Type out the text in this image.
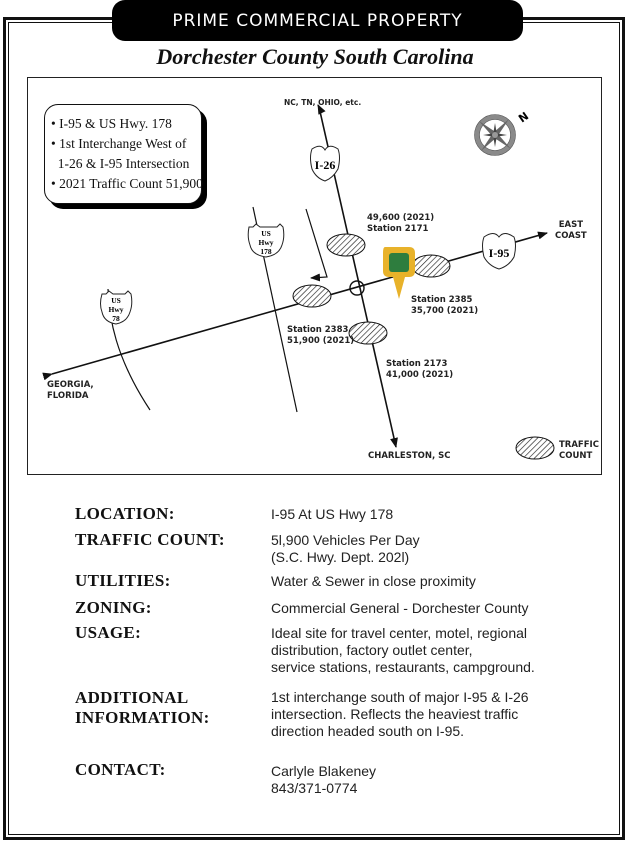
PRIME COMMERCIAL PROPERTY
Dorchester County South Carolina
I-26
I-95
US
Hwy
178
US
Hwy
78
N
• I-95 & US Hwy. 178
• 1st Interchange West of
1-26 & I-95 Intersection
• 2021 Traffic Count 51,900
NC, TN, OHIO, etc.
EAST
COAST
GEORGIA,
FLORIDA
CHARLESTON, SC
49,600 (2021)
Station 2171
Station 2385
35,700 (2021)
Station 2383
51,900 (2021)
Station 2173
41,000 (2021)
TRAFFIC
COUNT
LOCATION:	I-95 At US Hwy 178
TRAFFIC COUNT:	5l,900 Vehicles Per Day
(S.C. Hwy. Dept. 202l)
UTILITIES:	Water & Sewer in close proximity
ZONING:	Commercial General - Dorchester County
USAGE:	Ideal site for travel center, motel, regional
distribution, factory outlet center,
service stations, restaurants, campground.
ADDITIONAL
INFORMATION:
1st interchange south of major I-95 & I-26
intersection. Reflects the heaviest traffic
direction headed south on I-95.
CONTACT:	Carlyle Blakeney
843/371-0774
